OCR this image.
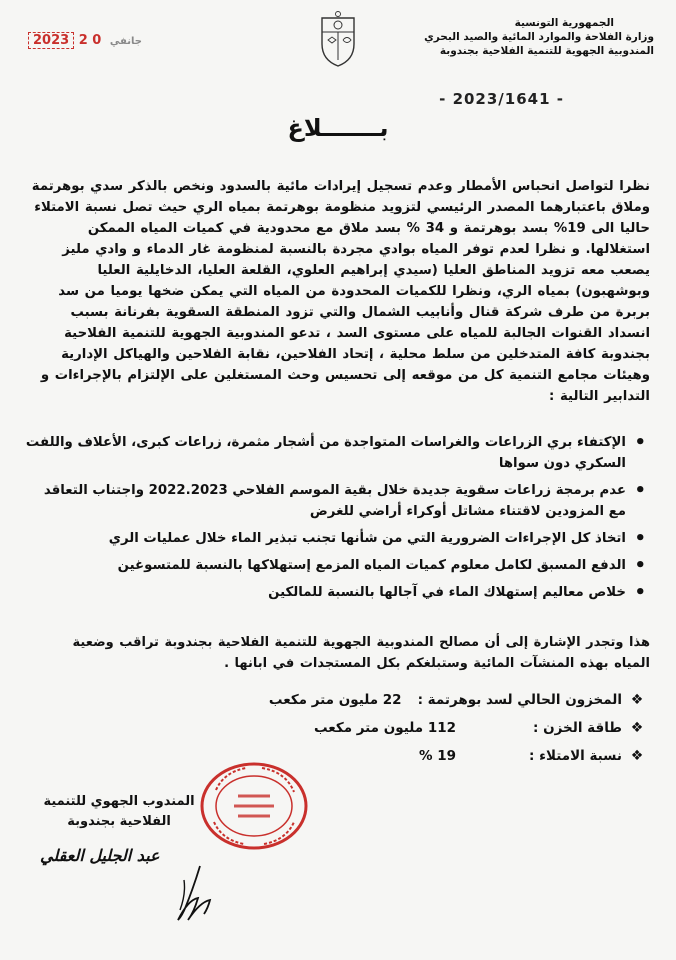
2023	جانفي 0 2
الجمهورية التونسية
وزارة الفلاحة والموارد المائية والصيد البحري
المندوبية الجهوية للتنمية الفلاحية بجندوبة
- 2023/1641 -
بـــــــلاغ
نظرا لتواصل انحباس الأمطار وعدم تسجيل إيرادات مائية بالسدود ونخص بالذكر سدي بوهرتمة وملاق باعتبارهما المصدر الرئيسي لتزويد منظومة بوهرتمة بمياه الري حيث تصل نسبة الامتلاء حاليا الى 19% بسد بوهرتمة و 34 % بسد ملاق مع محدودية في كميات المياه الممكن استغلالها. و نظرا لعدم توفر المياه بوادي مجردة بالنسبة لمنظومة غار الدماء و وادي مليز يصعب معه تزويد المناطق العليا (سيدي إبراهيم العلوي، القلعة العليا، الدخايلية العليا وبوشهبون) بمياه الري، ونظرا للكميات المحدودة من المياه التي يمكن ضخها يوميا من سد بربرة من طرف شركة قنال وأنابيب الشمال والتي تزود المنطقة السقوية بفرنانة بسبب انسداد القنوات الجالبة للمياه على مستوى السد ، تدعو المندوبية الجهوية للتنمية الفلاحية بجندوبة كافة المتدخلين من سلط محلية ، إتحاد الفلاحين، نقابة الفلاحين والهياكل الإدارية وهيئات مجامع التنمية كل من موقعه إلى تحسيس وحث المستغلين على الإلتزام بالإجراءات و التدابير التالية :
• الإكتفاء بري الزراعات والغراسات المتواجدة من أشجار مثمرة، زراعات كبرى، الأعلاف واللفت السكري دون سواها
• عدم برمجة زراعات سقوية جديدة خلال بقية الموسم الفلاحي 2022.2023 واجتناب التعاقد مع المزودين لاقتناء مشاتل أوكراء أراضي للغرض
• اتخاذ كل الإجراءات الضرورية التي من شأنها تجنب تبذير الماء خلال عمليات الري
• الدفع المسبق لكامل معلوم كميات المياه المزمع إستهلاكها بالنسبة للمتسوغين
• خلاص معاليم إستهلاك الماء في آجالها بالنسبة للمالكين
هذا وتجدر الإشارة إلى أن مصالح المندوبية الجهوية للتنمية الفلاحية بجندوبة تراقب وضعية المياه بهذه المنشآت المائية وستبلغكم بكل المستجدات في ابانها .
❖
المخزون الحالي لسد بوهرتمة :
22 مليون متر مكعب
❖
طاقة الخزن :
112 مليون متر مكعب
❖
نسبة الامتلاء :
19 %
المندوب الجهوي للتنمية
الفلاحية بجندوبة
عبد الجليل العقلي
